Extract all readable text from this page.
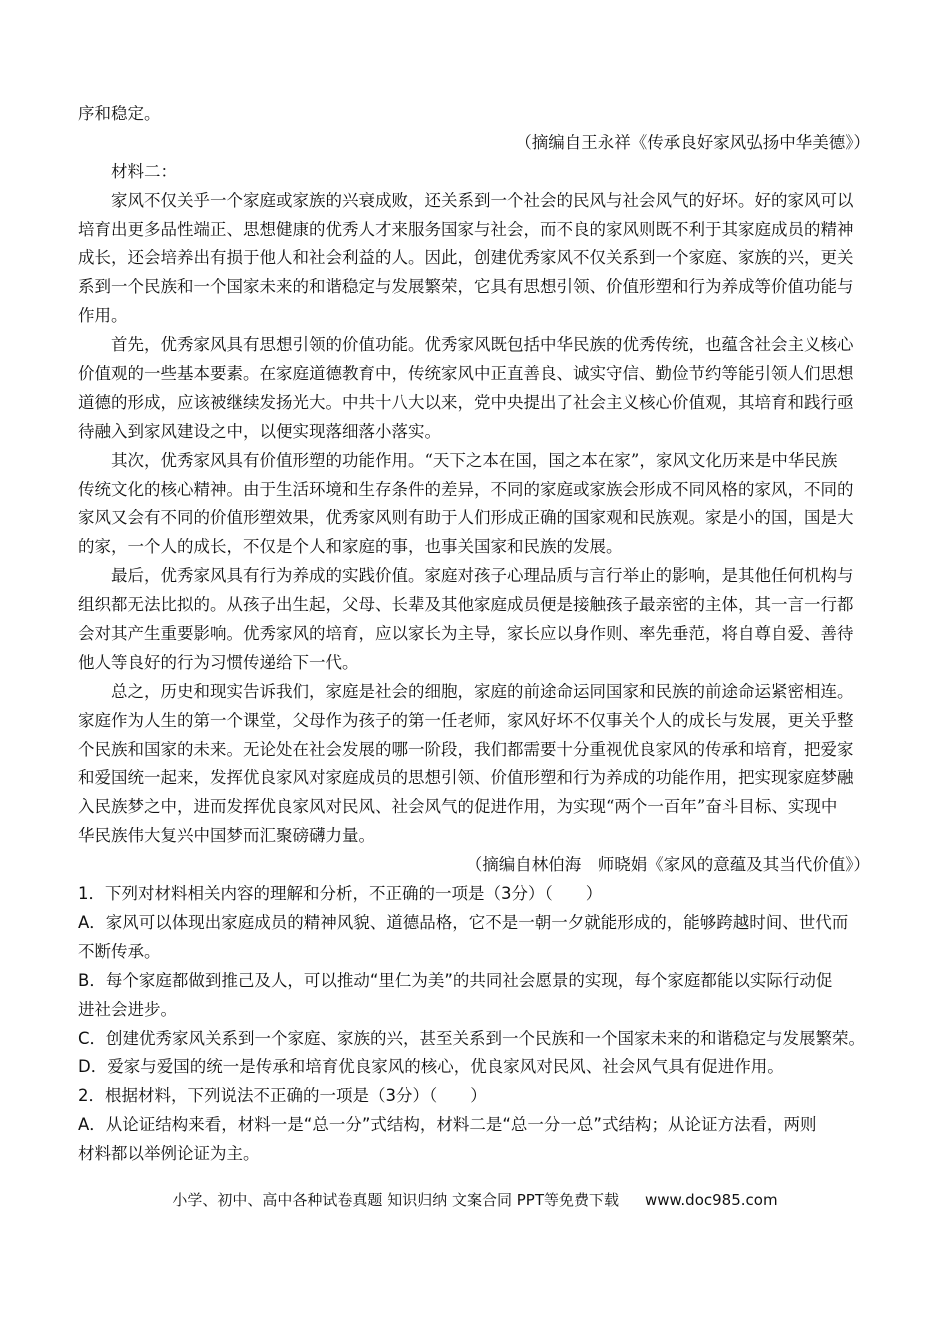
序和稳定。
（摘编自王永祥《传承良好家风弘扬中华美德》）
材料二：
家风不仅关乎一个家庭或家族的兴衰成败，还关系到一个社会的民风与社会风气的好坏。好的家风可以
培育出更多品性端正、思想健康的优秀人才来服务国家与社会，而不良的家风则既不利于其家庭成员的精神
成长，还会培养出有损于他人和社会利益的人。因此，创建优秀家风不仅关系到一个家庭、家族的兴，更关
系到一个民族和一个国家未来的和谐稳定与发展繁荣，它具有思想引领、价值形塑和行为养成等价值功能与
作用。
首先，优秀家风具有思想引领的价值功能。优秀家风既包括中华民族的优秀传统，也蕴含社会主义核心
价值观的一些基本要素。在家庭道德教育中，传统家风中正直善良、诚实守信、勤俭节约等能引领人们思想
道德的形成，应该被继续发扬光大。中共十八大以来，党中央提出了社会主义核心价值观，其培育和践行亟
待融入到家风建设之中，以便实现落细落小落实。
其次，优秀家风具有价值形塑的功能作用。“天下之本在国，国之本在家”，家风文化历来是中华民族
传统文化的核心精神。由于生活环境和生存条件的差异，不同的家庭或家族会形成不同风格的家风，不同的
家风又会有不同的价值形塑效果，优秀家风则有助于人们形成正确的国家观和民族观。家是小的国，国是大
的家，一个人的成长，不仅是个人和家庭的事，也事关国家和民族的发展。
最后，优秀家风具有行为养成的实践价值。家庭对孩子心理品质与言行举止的影响，是其他任何机构与
组织都无法比拟的。从孩子出生起，父母、长辈及其他家庭成员便是接触孩子最亲密的主体，其一言一行都
会对其产生重要影响。优秀家风的培育，应以家长为主导，家长应以身作则、率先垂范，将自尊自爱、善待
他人等良好的行为习惯传递给下一代。
总之，历史和现实告诉我们，家庭是社会的细胞，家庭的前途命运同国家和民族的前途命运紧密相连。
家庭作为人生的第一个课堂，父母作为孩子的第一任老师，家风好坏不仅事关个人的成长与发展，更关乎整
个民族和国家的未来。无论处在社会发展的哪一阶段，我们都需要十分重视优良家风的传承和培育，把爱家
和爱国统一起来，发挥优良家风对家庭成员的思想引领、价值形塑和行为养成的功能作用，把实现家庭梦融
入民族梦之中，进而发挥优良家风对民风、社会风气的促进作用，为实现“两个一百年”奋斗目标、实现中
华民族伟大复兴中国梦而汇聚磅礴力量。
（摘编自林伯海　师晓娟《家风的意蕴及其当代价值》）
1．下列对材料相关内容的理解和分析，不正确的一项是（3分）（　　）
A．家风可以体现出家庭成员的精神风貌、道德品格，它不是一朝一夕就能形成的，能够跨越时间、世代而
不断传承。
B．每个家庭都做到推己及人，可以推动“里仁为美”的共同社会愿景的实现，每个家庭都能以实际行动促
进社会进步。
C．创建优秀家风关系到一个家庭、家族的兴，甚至关系到一个民族和一个国家未来的和谐稳定与发展繁荣。
D．爱家与爱国的统一是传承和培育优良家风的核心，优良家风对民风、社会风气具有促进作用。
2．根据材料，下列说法不正确的一项是（3分）（　　）
A．从论证结构来看，材料一是“总一分”式结构，材料二是“总一分一总”式结构；从论证方法看，两则
材料都以举例论证为主。
小学、初中、高中各种试卷真题 知识归纳 文案合同 PPT等免费下载 www.doc985.com
